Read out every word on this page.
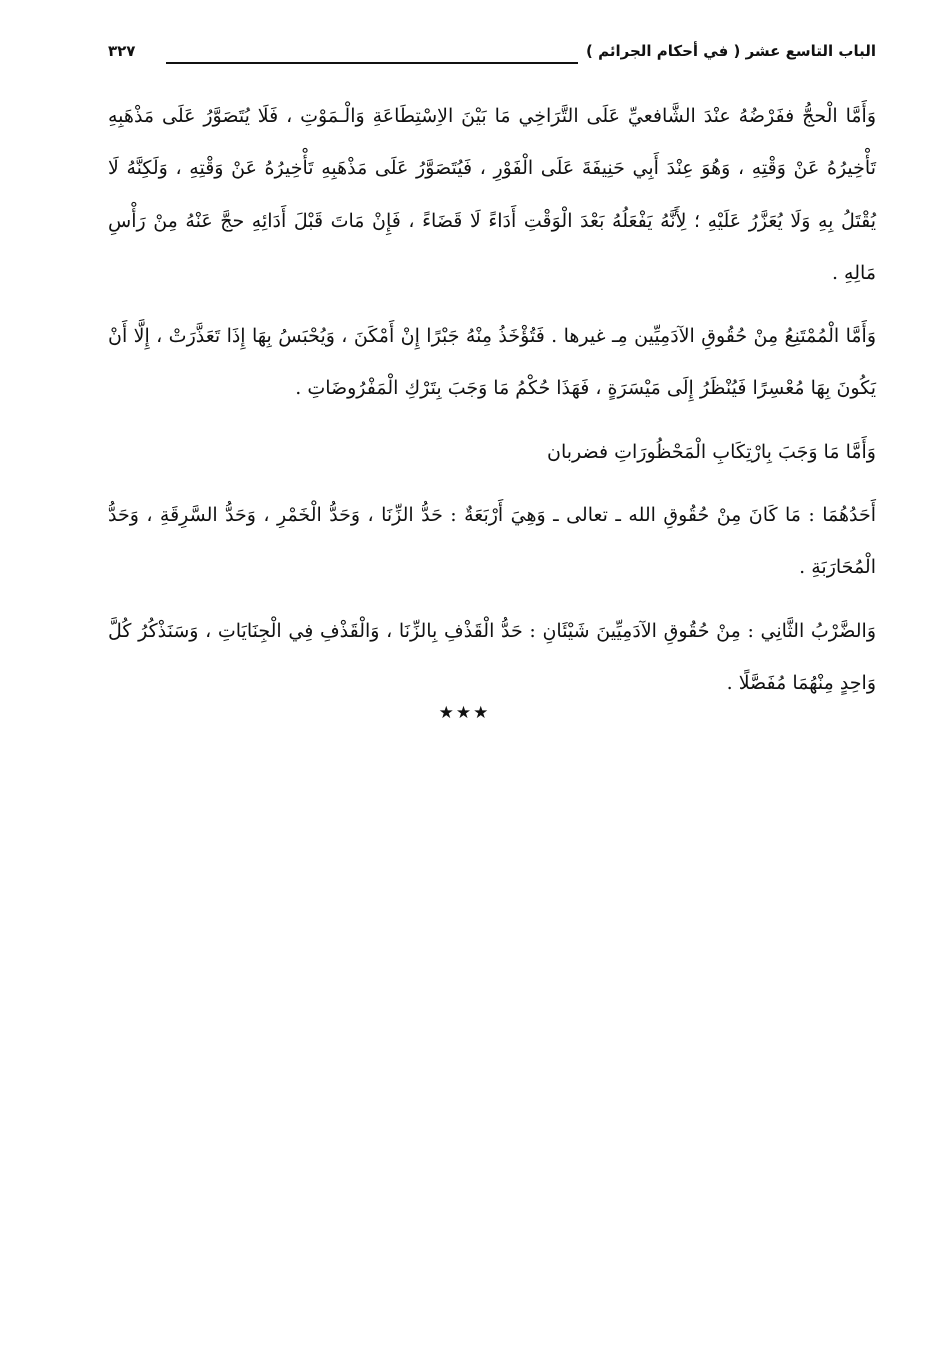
الباب التاسع عشر ( في أحكام الجرائم )
٣٢٧

وَأَمَّا الْحجُّ ففَرْضُهُ عنْدَ الشَّافعيِّ عَلَى التَّرَاخِي مَا بَيْنَ الاِسْتِطَاعَةِ وَالْـمَوْتِ ، فَلَا يُتَصَوَّرُ عَلَى مَذْهَبِهِ تَأْخِيرُهُ عَنْ وَقْتِهِ ، وَهُوَ عِنْدَ أَبِي حَنِيفَةَ عَلَى الْفَوْرِ ، فَيُتَصَوَّرُ عَلَى مَذْهَبِهِ تَأْخِيرُهُ عَنْ وَقْتِهِ ، وَلَكِنَّهُ لَا يُقْتَلُ بِهِ وَلَا يُعَزَّرُ عَلَيْهِ ؛ لِأَنَّهُ يَفْعَلُهُ بَعْدَ الْوَقْتِ أَدَاءً لَا قَضَاءً ، فَإِنْ مَاتَ قَبْلَ أَدَائِهِ حجَّ عَنْهُ مِنْ رَأْسِ مَالِهِ .

وَأَمَّا الْمُمْتَنِعُ مِنْ حُقُوقِ الآدَمِيِّين مِـ غيرها . فَتُؤْخَذُ مِنْهُ جَبْرًا إِنْ أَمْكَنَ ، وَيُحْبَسُ بِهَا إِذَا تَعَذَّرَتْ ، إِلَّا أَنْ يَكُونَ بِهَا مُعْسِرًا فَيُنْظَرُ إِلَى مَيْسَرَةٍ ، فَهَذَا حُكْمُ مَا وَجَبَ بِتَرْكِ الْمَفْرُوضَاتِ .

وَأَمَّا مَا وَجَبَ بِارْتِكَابِ الْمَحْظُورَاتِ فضربان

أَحَدُهُمَا : مَا كَانَ مِنْ حُقُوقِ الله ـ تعالى ـ وَهِيَ أَرْبَعَةٌ : حَدُّ الزِّنَا ، وَحَدُّ الْخَمْرِ ، وَحَدُّ السَّرِقَةِ ، وَحَدُّ الْمُحَارَبَةِ .

وَالضَّرْبُ الثَّانِي : مِنْ حُقُوقِ الآدَمِيِّينَ شَيْئَانِ : حَدُّ الْقَذْفِ بِالزِّنَا ، وَالْقَذْفِ فِي الْجِنَايَاتِ ، وَسَنَذْكُرُ كُلَّ وَاحِدٍ مِنْهُمَا مُفَصَّلًا .

★★★
